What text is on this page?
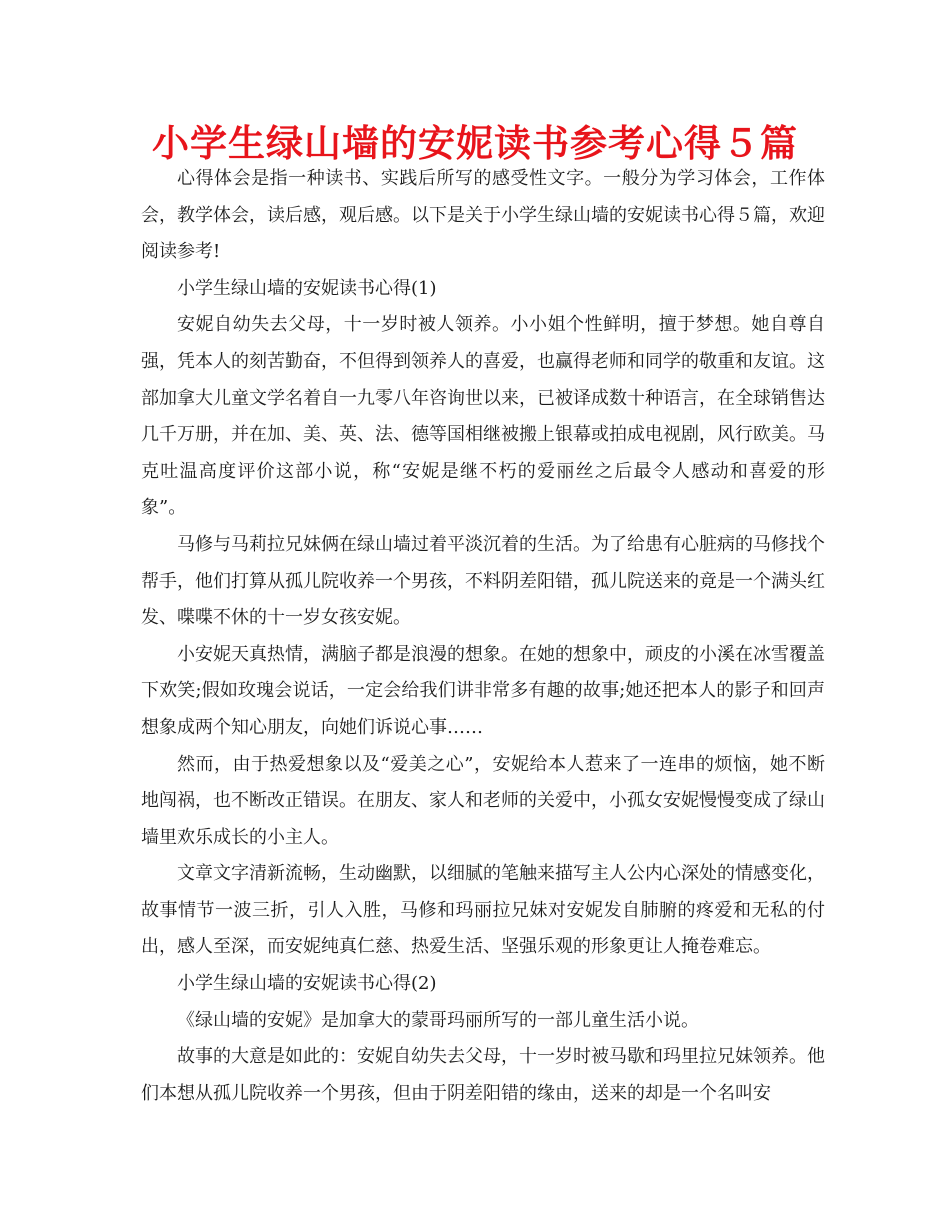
小学生绿山墙的安妮读书参考心得５篇

心得体会是指一种读书、实践后所写的感受性文字。一般分为学习体会，工作体会，教学体会，读后感，观后感。以下是关于小学生绿山墙的安妮读书心得５篇，欢迎阅读参考!

小学生绿山墙的安妮读书心得(1)

安妮自幼失去父母，十一岁时被人领养。小小姐个性鲜明，擅于梦想。她自尊自强，凭本人的刻苦勤奋，不但得到领养人的喜爱，也赢得老师和同学的敬重和友谊。这部加拿大儿童文学名着自一九零八年咨询世以来，已被译成数十种语言，在全球销售达几千万册，并在加、美、英、法、德等国相继被搬上银幕或拍成电视剧，风行欧美。马克吐温高度评价这部小说，称“安妮是继不朽的爱丽丝之后最令人感动和喜爱的形象”。

马修与马莉拉兄妹俩在绿山墙过着平淡沉着的生活。为了给患有心脏病的马修找个帮手，他们打算从孤儿院收养一个男孩，不料阴差阳错，孤儿院送来的竟是一个满头红发、喋喋不休的十一岁女孩安妮。

小安妮天真热情，满脑子都是浪漫的想象。在她的想象中，顽皮的小溪在冰雪覆盖下欢笑;假如玫瑰会说话，一定会给我们讲非常多有趣的故事;她还把本人的影子和回声想象成两个知心朋友，向她们诉说心事……

然而，由于热爱想象以及“爱美之心”，安妮给本人惹来了一连串的烦恼，她不断地闯祸，也不断改正错误。在朋友、家人和老师的关爱中，小孤女安妮慢慢变成了绿山墙里欢乐成长的小主人。

文章文字清新流畅，生动幽默，以细腻的笔触来描写主人公内心深处的情感变化，故事情节一波三折，引人入胜，马修和玛丽拉兄妹对安妮发自肺腑的疼爱和无私的付出，感人至深，而安妮纯真仁慈、热爱生活、坚强乐观的形象更让人掩卷难忘。

小学生绿山墙的安妮读书心得(2)

《绿山墙的安妮》是加拿大的蒙哥玛丽所写的一部儿童生活小说。

故事的大意是如此的：安妮自幼失去父母，十一岁时被马歇和玛里拉兄妹领养。他们本想从孤儿院收养一个男孩，但由于阴差阳错的缘由，送来的却是一个名叫安
